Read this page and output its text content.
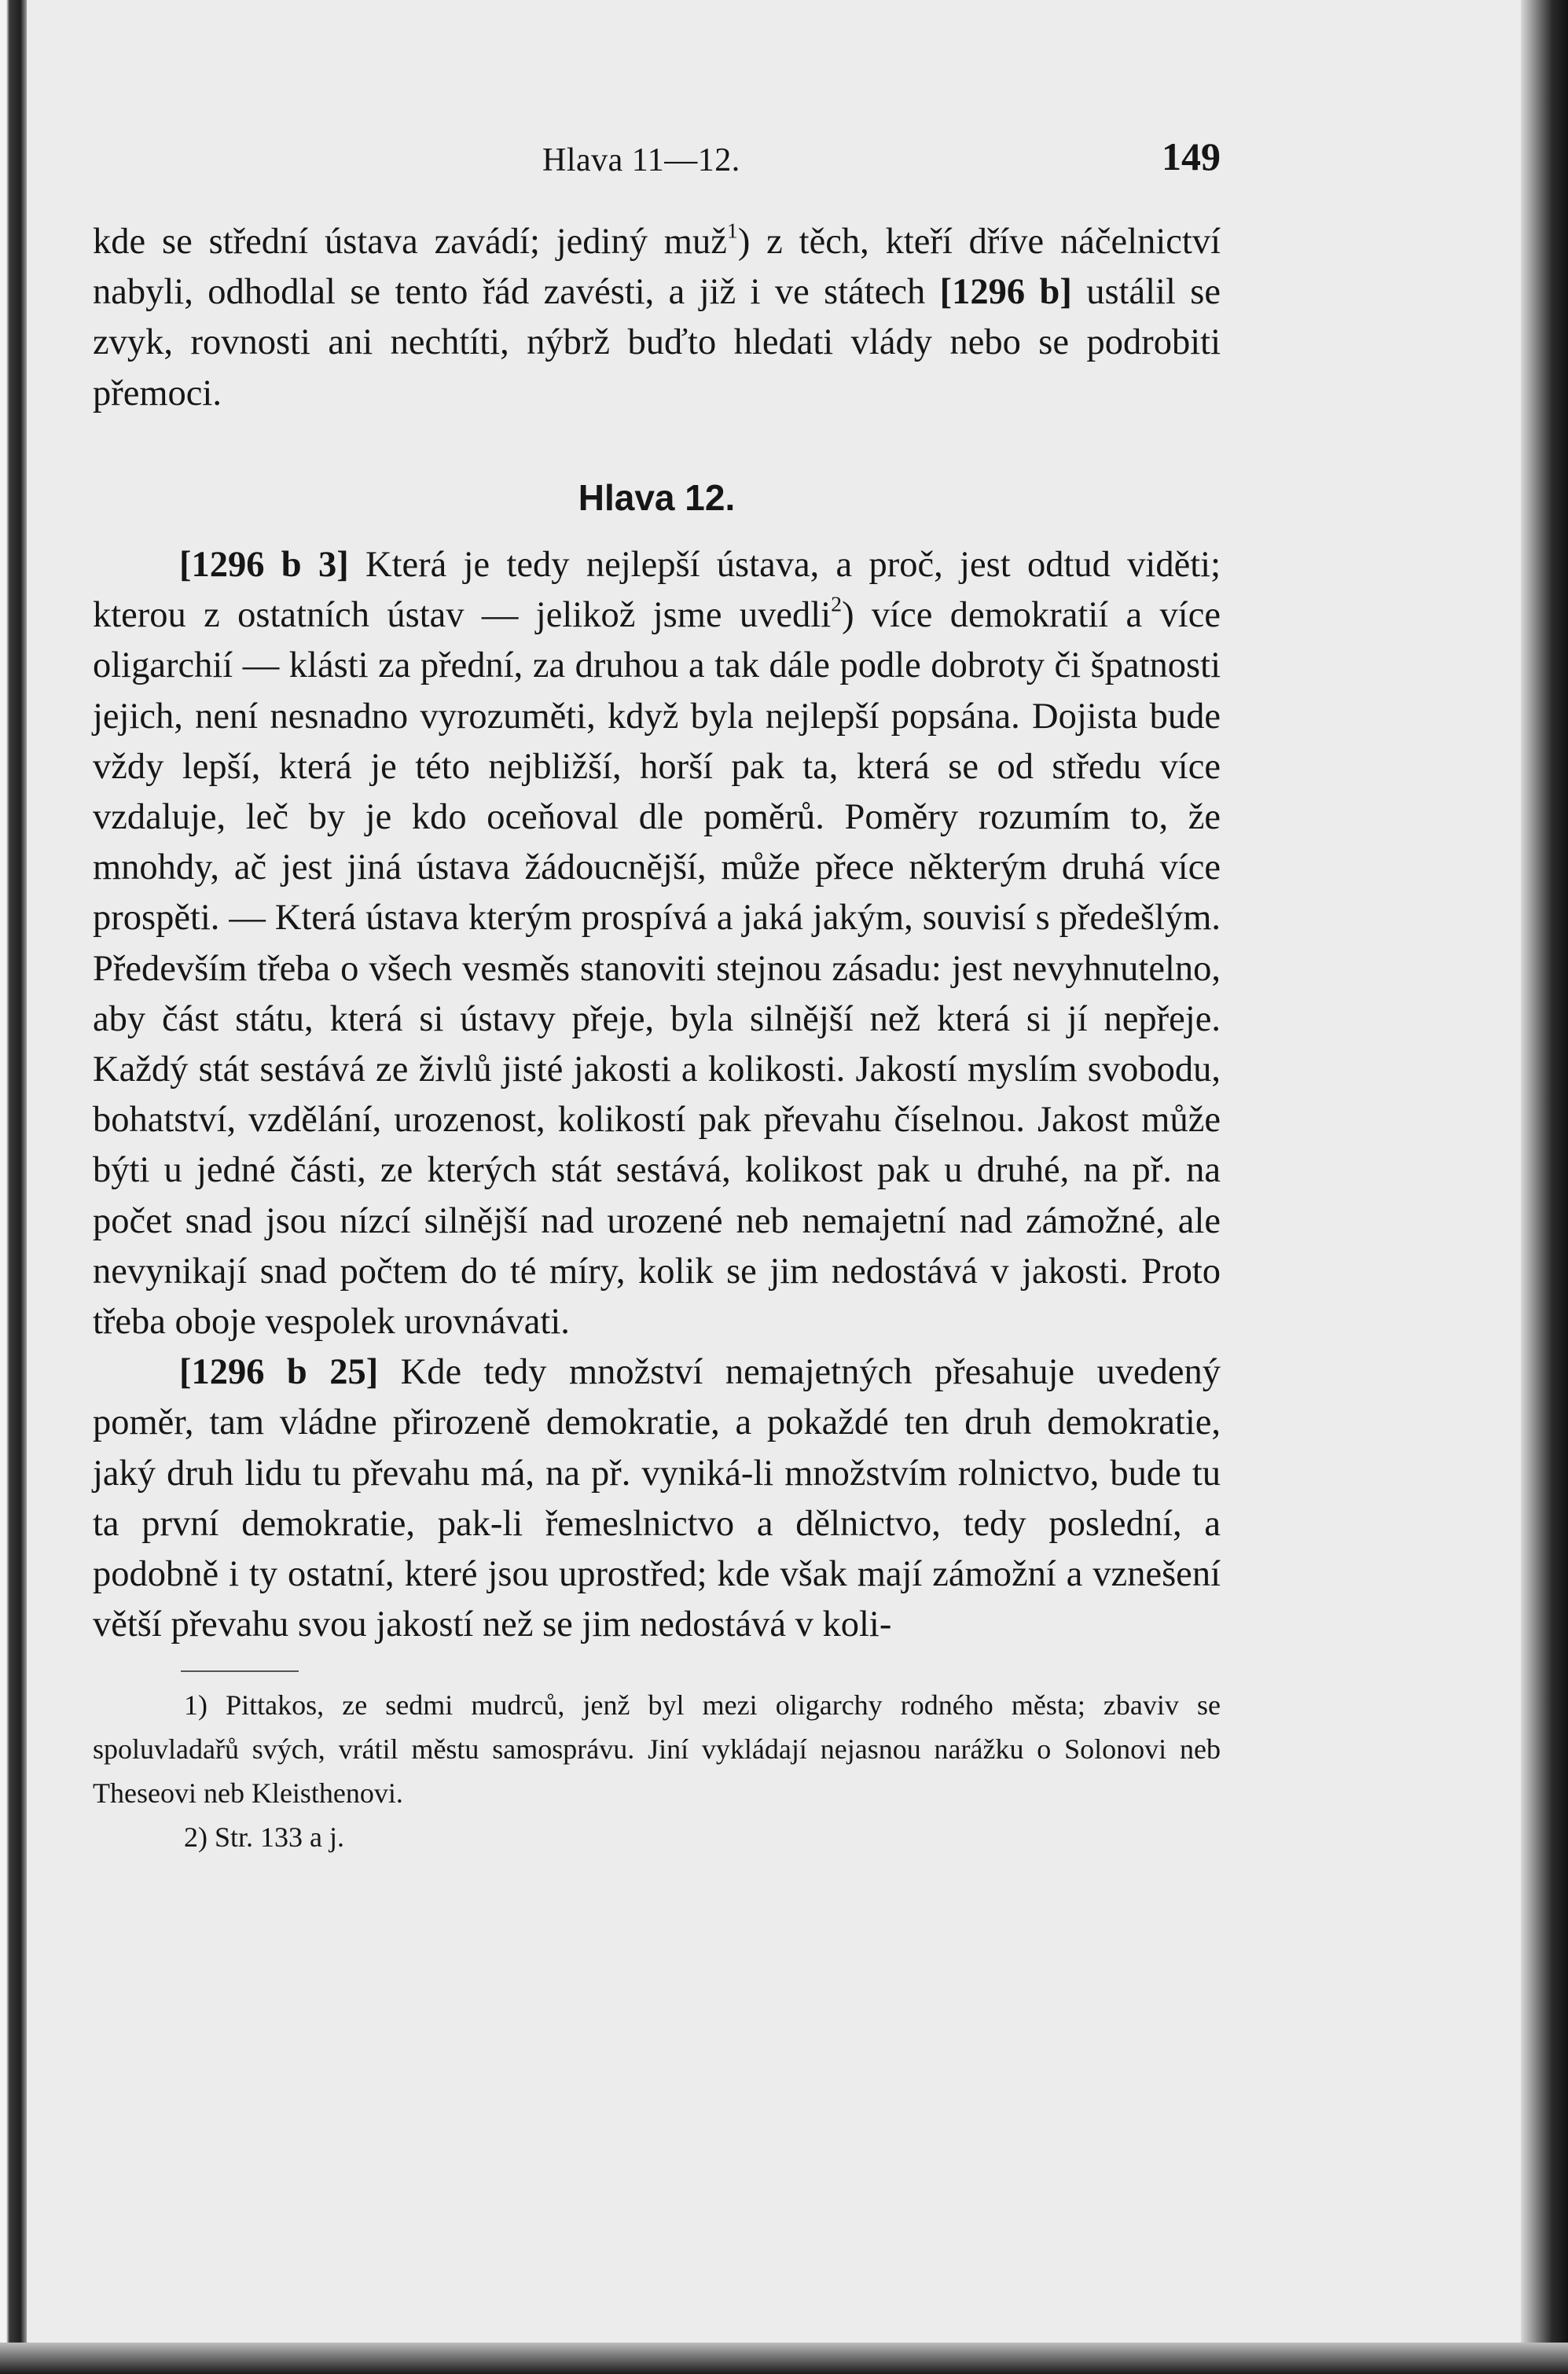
Hlava 11—12.	149

kde se střední ústava zavádí; jediný muž$^1$) z těch, kteří dříve náčelnictví nabyli, odhodlal se tento řád zavésti, a již i ve státech [1296 b] ustálil se zvyk, rovnosti ani nechtíti, nýbrž buďto hledati vlády nebo se podrobiti přemoci.

Hlava 12.

[1296 b 3] Která je tedy nejlepší ústava, a proč, jest odtud viděti; kterou z ostatních ústav — jelikož jsme uvedli$^2$) více demokratií a více oligarchií — klásti za přední, za druhou a tak dále podle dobroty či špatnosti jejich, není nesnadno vyrozuměti, když byla nejlepší popsána. Dojista bude vždy lepší, která je této nejbližší, horší pak ta, která se od středu více vzdaluje, leč by je kdo oceňoval dle poměrů. Poměry rozumím to, že mnohdy, ač jest jiná ústava žádoucnější, může přece některým druhá více prospěti. — Která ústava kterým prospívá a jaká jakým, souvisí s předešlým. Především třeba o všech vesměs stanoviti stejnou zásadu: jest nevyhnutelno, aby část státu, která si ústavy přeje, byla silnější než která si jí nepřeje. Každý stát sestává ze živlů jisté jakosti a kolikosti. Jakostí myslím svobodu, bohatství, vzdělání, urozenost, kolikostí pak převahu číselnou. Jakost může býti u jedné části, ze kterých stát sestává, kolikost pak u druhé, na př. na počet snad jsou nízcí silnější nad urozené neb nemajetní nad zámožné, ale nevynikají snad počtem do té míry, kolik se jim nedostává v jakosti. Proto třeba oboje vespolek urovnávati.

[1296 b 25] Kde tedy množství nemajetných přesahuje uvedený poměr, tam vládne přirozeně demokratie, a pokaždé ten druh demokratie, jaký druh lidu tu převahu má, na př. vyniká-li množstvím rolnictvo, bude tu ta první demokratie, pak-li řemeslnictvo a dělnictvo, tedy poslední, a podobně i ty ostatní, které jsou uprostřed; kde však mají zámožní a vznešení větší převahu svou jakostí než se jim nedostává v koli-

1) Pittakos, ze sedmi mudrců, jenž byl mezi oligarchy rodného města; zbaviv se spoluvladařů svých, vrátil městu samosprávu. Jiní vykládají nejasnou narážku o Solonovi neb Theseovi neb Kleisthenovi.

2) Str. 133 a j.
